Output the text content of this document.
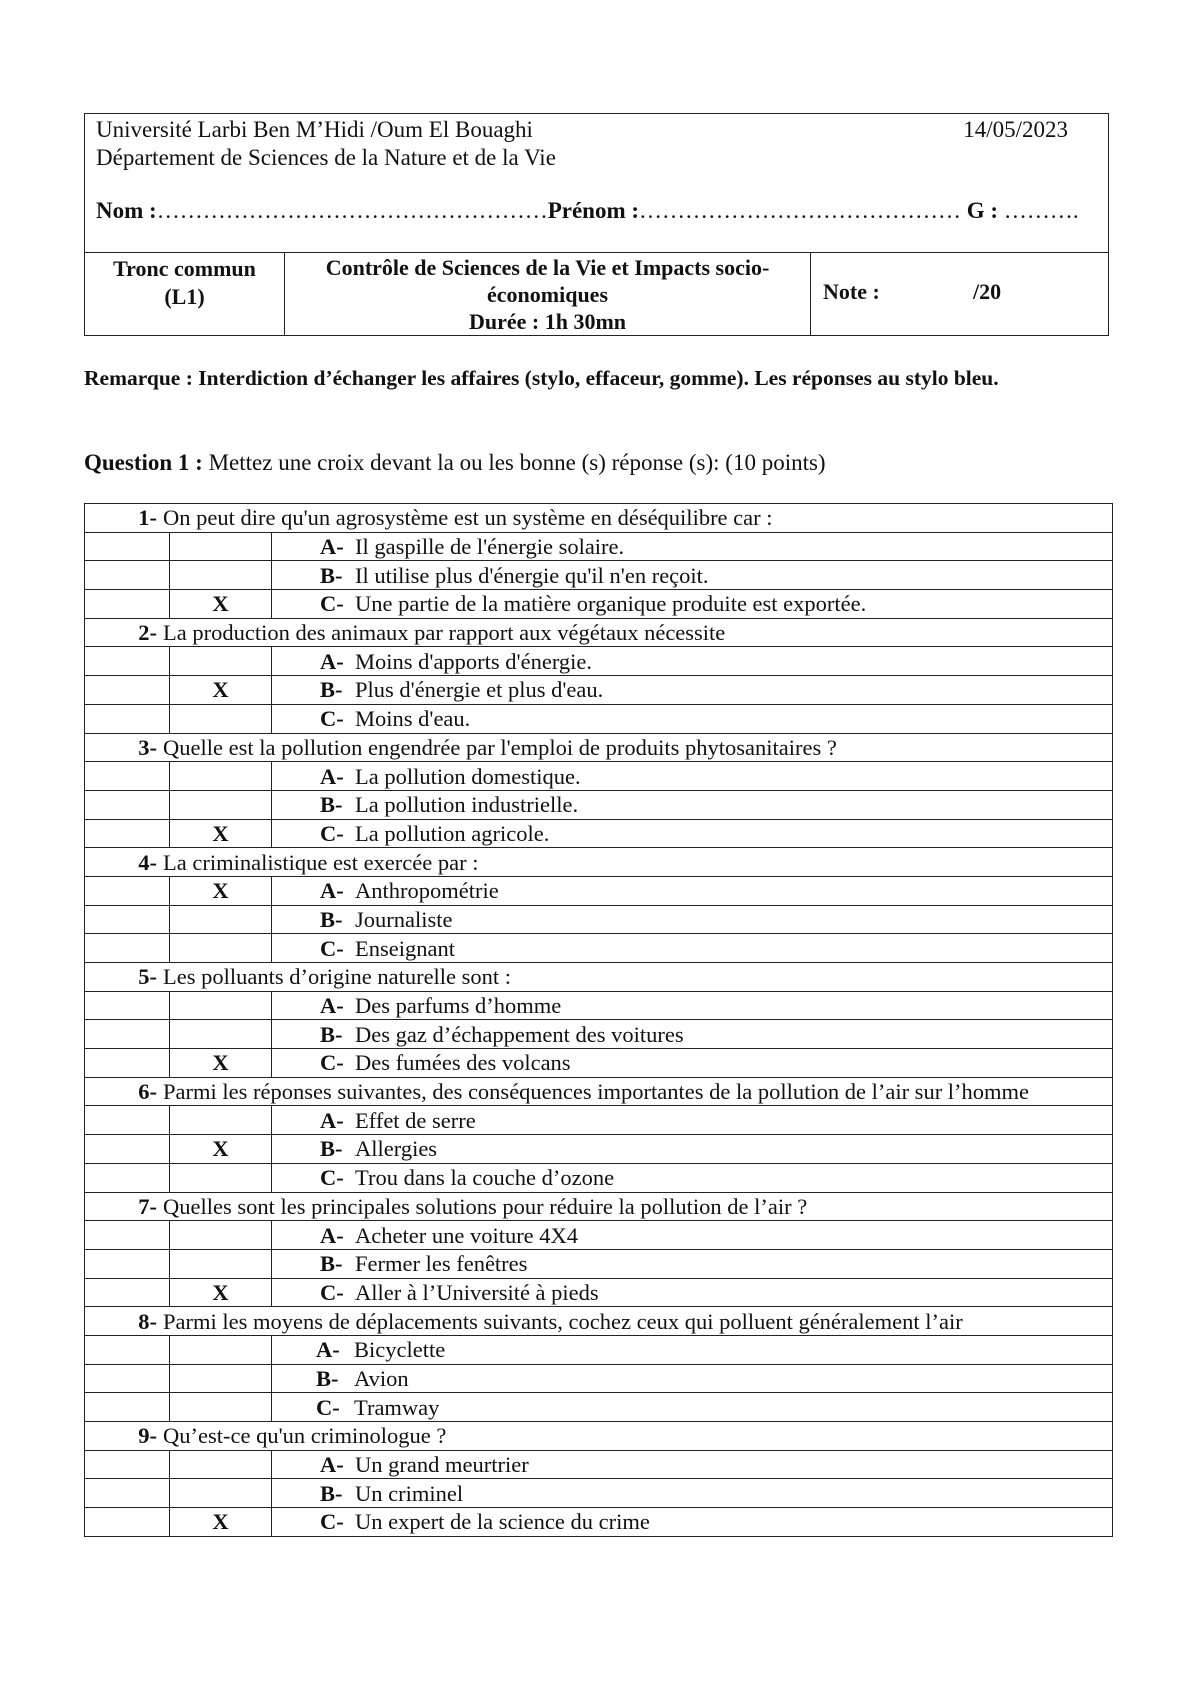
Université Larbi Ben M’Hidi /Oum El Bouaghi
Département de Sciences de la Nature et de la Vie
14/05/2023
Nom :……………………………………………Prénom :…………………………………… G : ……….
Tronc commun
(L1)
Contrôle de Sciences de la Vie et Impacts socio-
économiques
Durée : 1h 30mn
Note :	/20
Remarque : Interdiction d’échanger les affaires (stylo, effaceur, gomme). Les réponses au stylo bleu.
Question 1 : Mettez une croix devant la ou les bonne (s) réponse (s): (10 points)
1- On peut dire qu'un agrosystème est un système en déséquilibre car :		
		A- Il gaspille de l'énergie solaire.
		B- Il utilise plus d'énergie qu'il n'en reçoit.
	X	C- Une partie de la matière organique produite est exportée.
2- La production des animaux par rapport aux végétaux nécessite		
		A- Moins d'apports d'énergie.
	X	B- Plus d'énergie et plus d'eau.
		C- Moins d'eau.
3- Quelle est la pollution engendrée par l'emploi de produits phytosanitaires ?		
		A- La pollution domestique.
		B- La pollution industrielle.
	X	C- La pollution agricole.
4- La criminalistique est exercée par :		
	X	A- Anthropométrie
		B- Journaliste
		C- Enseignant
5- Les polluants d’origine naturelle sont :		
		A- Des parfums d’homme
		B- Des gaz d’échappement des voitures
	X	C- Des fumées des volcans
6- Parmi les réponses suivantes, des conséquences importantes de la pollution de l’air sur l’homme		
		A- Effet de serre
	X	B- Allergies
		C- Trou dans la couche d’ozone
7- Quelles sont les principales solutions pour réduire la pollution de l’air ?		
		A- Acheter une voiture 4X4
		B- Fermer les fenêtres
	X	C- Aller à l’Université à pieds
8- Parmi les moyens de déplacements suivants, cochez ceux qui polluent généralement l’air		
		A- Bicyclette
		B- Avion
		C- Tramway
9- Qu’est-ce qu'un criminologue ?		
		A- Un grand meurtrier
		B- Un criminel
	X	C- Un expert de la science du crime
